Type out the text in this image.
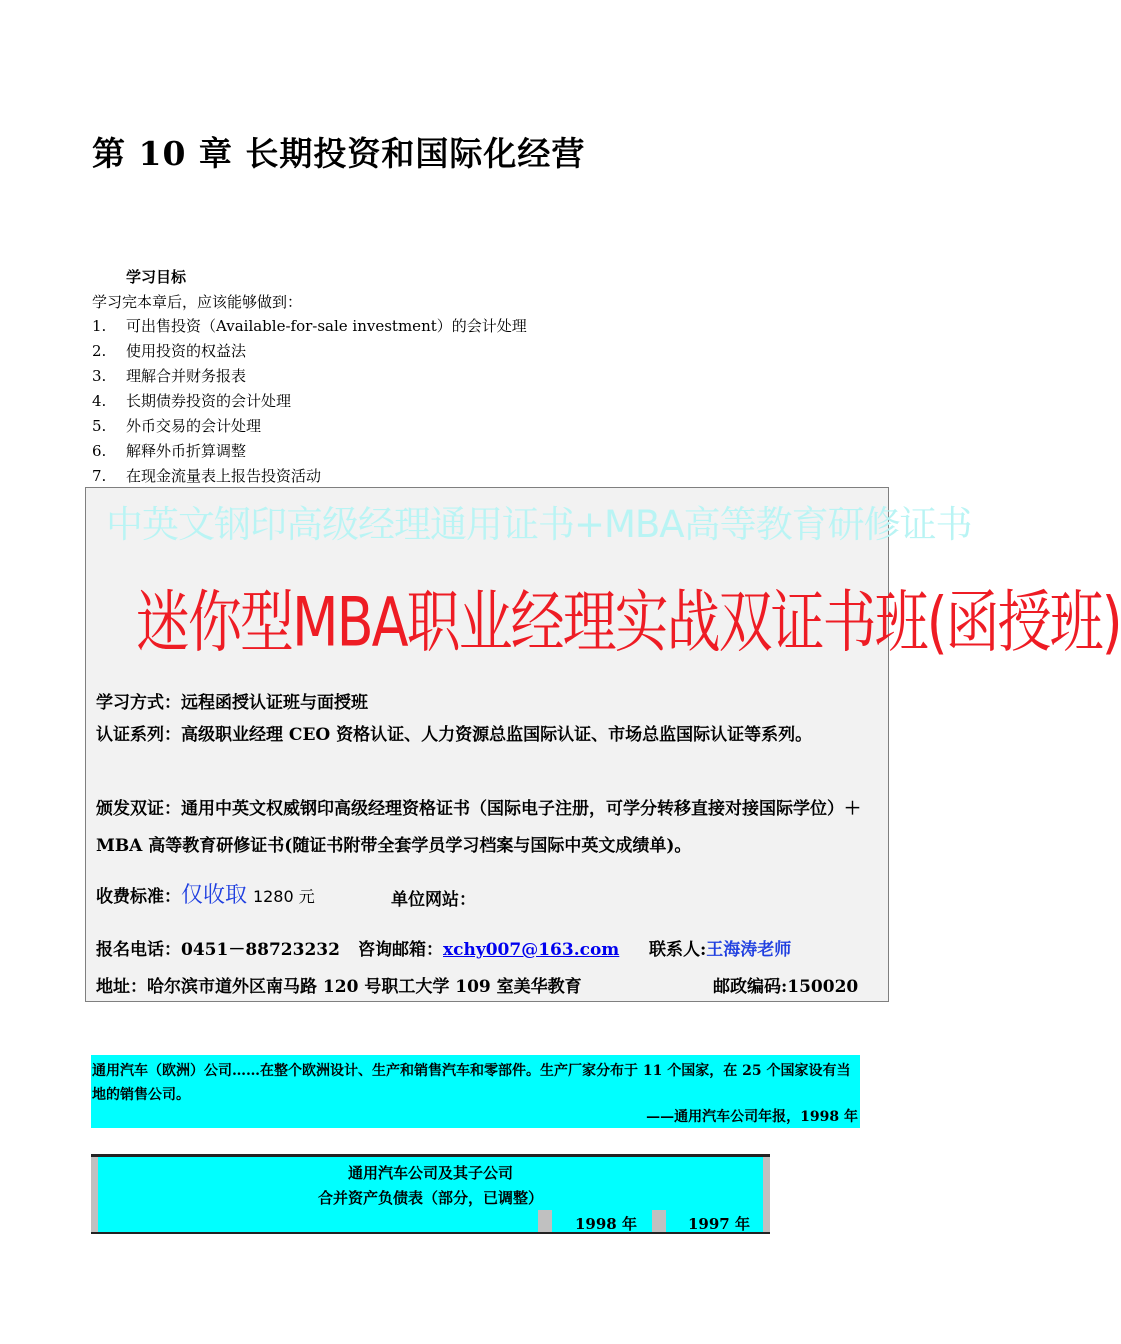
第 10 章 长期投资和国际化经营
学习目标
学习完本章后，应该能够做到：
1. 可出售投资（Available-for-sale investment）的会计处理
2. 使用投资的权益法
3. 理解合并财务报表
4. 长期债券投资的会计处理
5. 外币交易的会计处理
6. 解释外币折算调整
7. 在现金流量表上报告投资活动
中英文钢印高级经理通用证书+MBA高等教育研修证书
迷你型MBA职业经理实战双证书班(函授班)
学习方式：远程函授认证班与面授班
认证系列：高级职业经理 CEO 资格认证、人力资源总监国际认证、市场总监国际认证等系列。
颁发双证：通用中英文权威钢印高级经理资格证书（国际电子注册，可学分转移直接对接国际学位）＋MBA 高等教育研修证书(随证书附带全套学员学习档案与国际中英文成绩单)。
收费标准：仅收取 1280 元	单位网站：
报名电话：0451－88723232 咨询邮箱：xchy007@163.com 联系人:王海涛老师
地址：哈尔滨市道外区南马路 120 号职工大学 109 室美华教育	邮政编码:150020
通用汽车（欧洲）公司……在整个欧洲设计、生产和销售汽车和零部件。生产厂家分布于 11 个国家，在 25 个国家设有当地的销售公司。
——通用汽车公司年报，1998 年
通用汽车公司及其子公司
合并资产负债表（部分，已调整）
1998 年	1997 年
